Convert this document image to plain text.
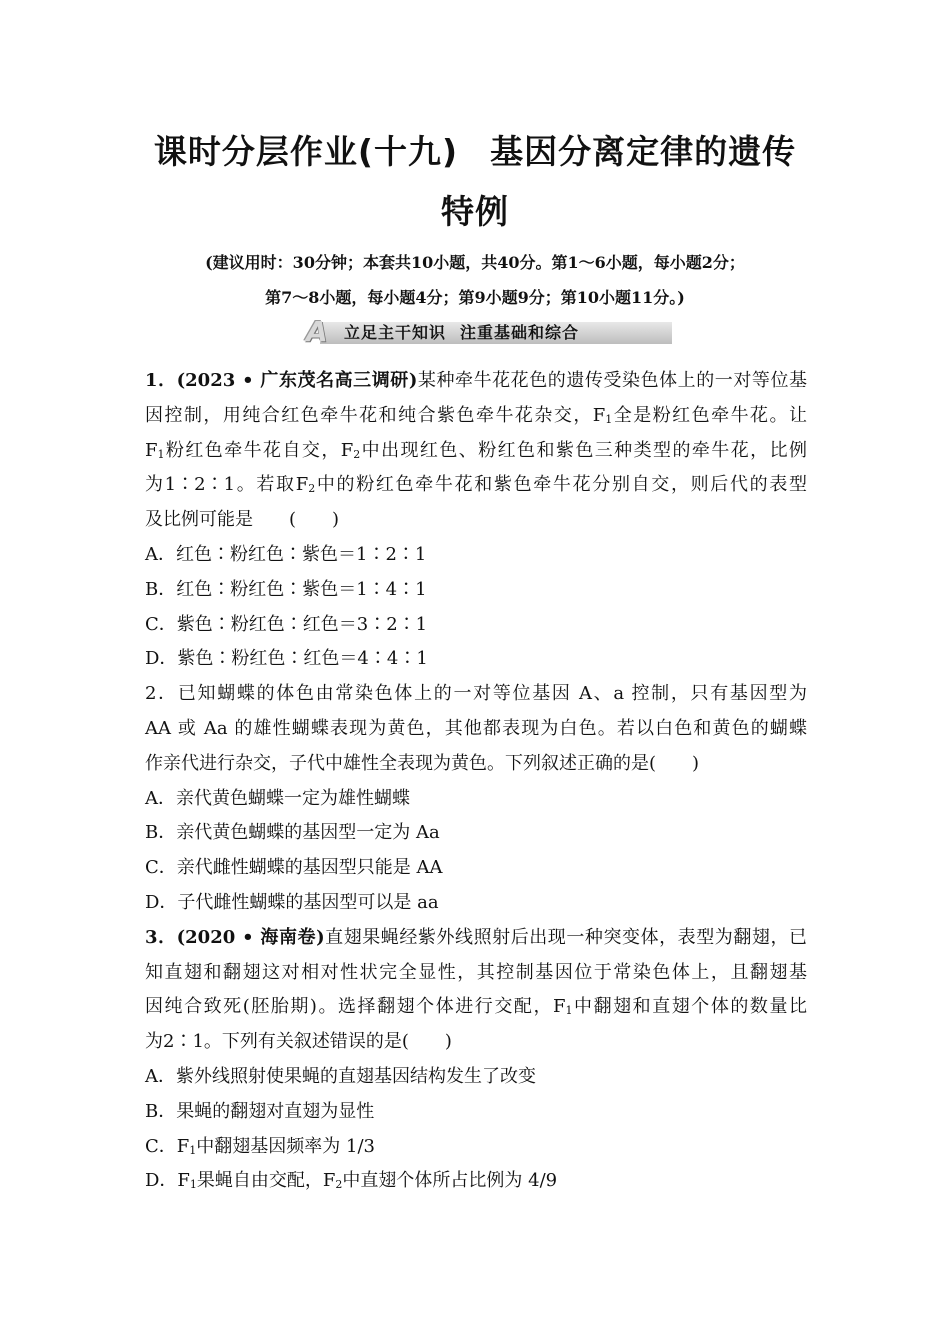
课时分层作业(十九) 基因分离定律的遗传
特例
(建议用时：30分钟；本套共10小题，共40分。第1～6小题，每小题2分；
第7～8小题，每小题4分；第9小题9分；第10小题11分。)
A	立足主干知识 注重基础和综合
1．(2023 • 广东茂名高三调研)某种牵牛花花色的遗传受染色体上的一对等位基
因控制，用纯合红色牵牛花和纯合紫色牵牛花杂交，$F_1$全是粉红色牵牛花。让
$F_1$粉红色牵牛花自交，$F_2$中出现红色、粉红色和紫色三种类型的牵牛花，比例
为1∶2∶1。若取$F_2$中的粉红色牵牛花和紫色牵牛花分别自交，则后代的表型
及比例可能是　　(　　)
A．红色∶粉红色∶紫色＝1∶2∶1
B．红色∶粉红色∶紫色＝1∶4∶1
C．紫色∶粉红色∶红色＝3∶2∶1
D．紫色∶粉红色∶红色＝4∶4∶1
2．已知蝴蝶的体色由常染色体上的一对等位基因 A、a 控制，只有基因型为
AA 或 Aa 的雄性蝴蝶表现为黄色，其他都表现为白色。若以白色和黄色的蝴蝶
作亲代进行杂交，子代中雄性全表现为黄色。下列叙述正确的是(　　)
A．亲代黄色蝴蝶一定为雄性蝴蝶
B．亲代黄色蝴蝶的基因型一定为 Aa
C．亲代雌性蝴蝶的基因型只能是 AA
D．子代雌性蝴蝶的基因型可以是 aa
3．(2020 • 海南卷)直翅果蝇经紫外线照射后出现一种突变体，表型为翻翅，已
知直翅和翻翅这对相对性状完全显性，其控制基因位于常染色体上，且翻翅基
因纯合致死(胚胎期)。选择翻翅个体进行交配，$F_1$中翻翅和直翅个体的数量比
为2∶1。下列有关叙述错误的是(　　)
A．紫外线照射使果蝇的直翅基因结构发生了改变
B．果蝇的翻翅对直翅为显性
C．$F_1$中翻翅基因频率为 1/3
D．$F_1$果蝇自由交配，$F_2$中直翅个体所占比例为 4/9
